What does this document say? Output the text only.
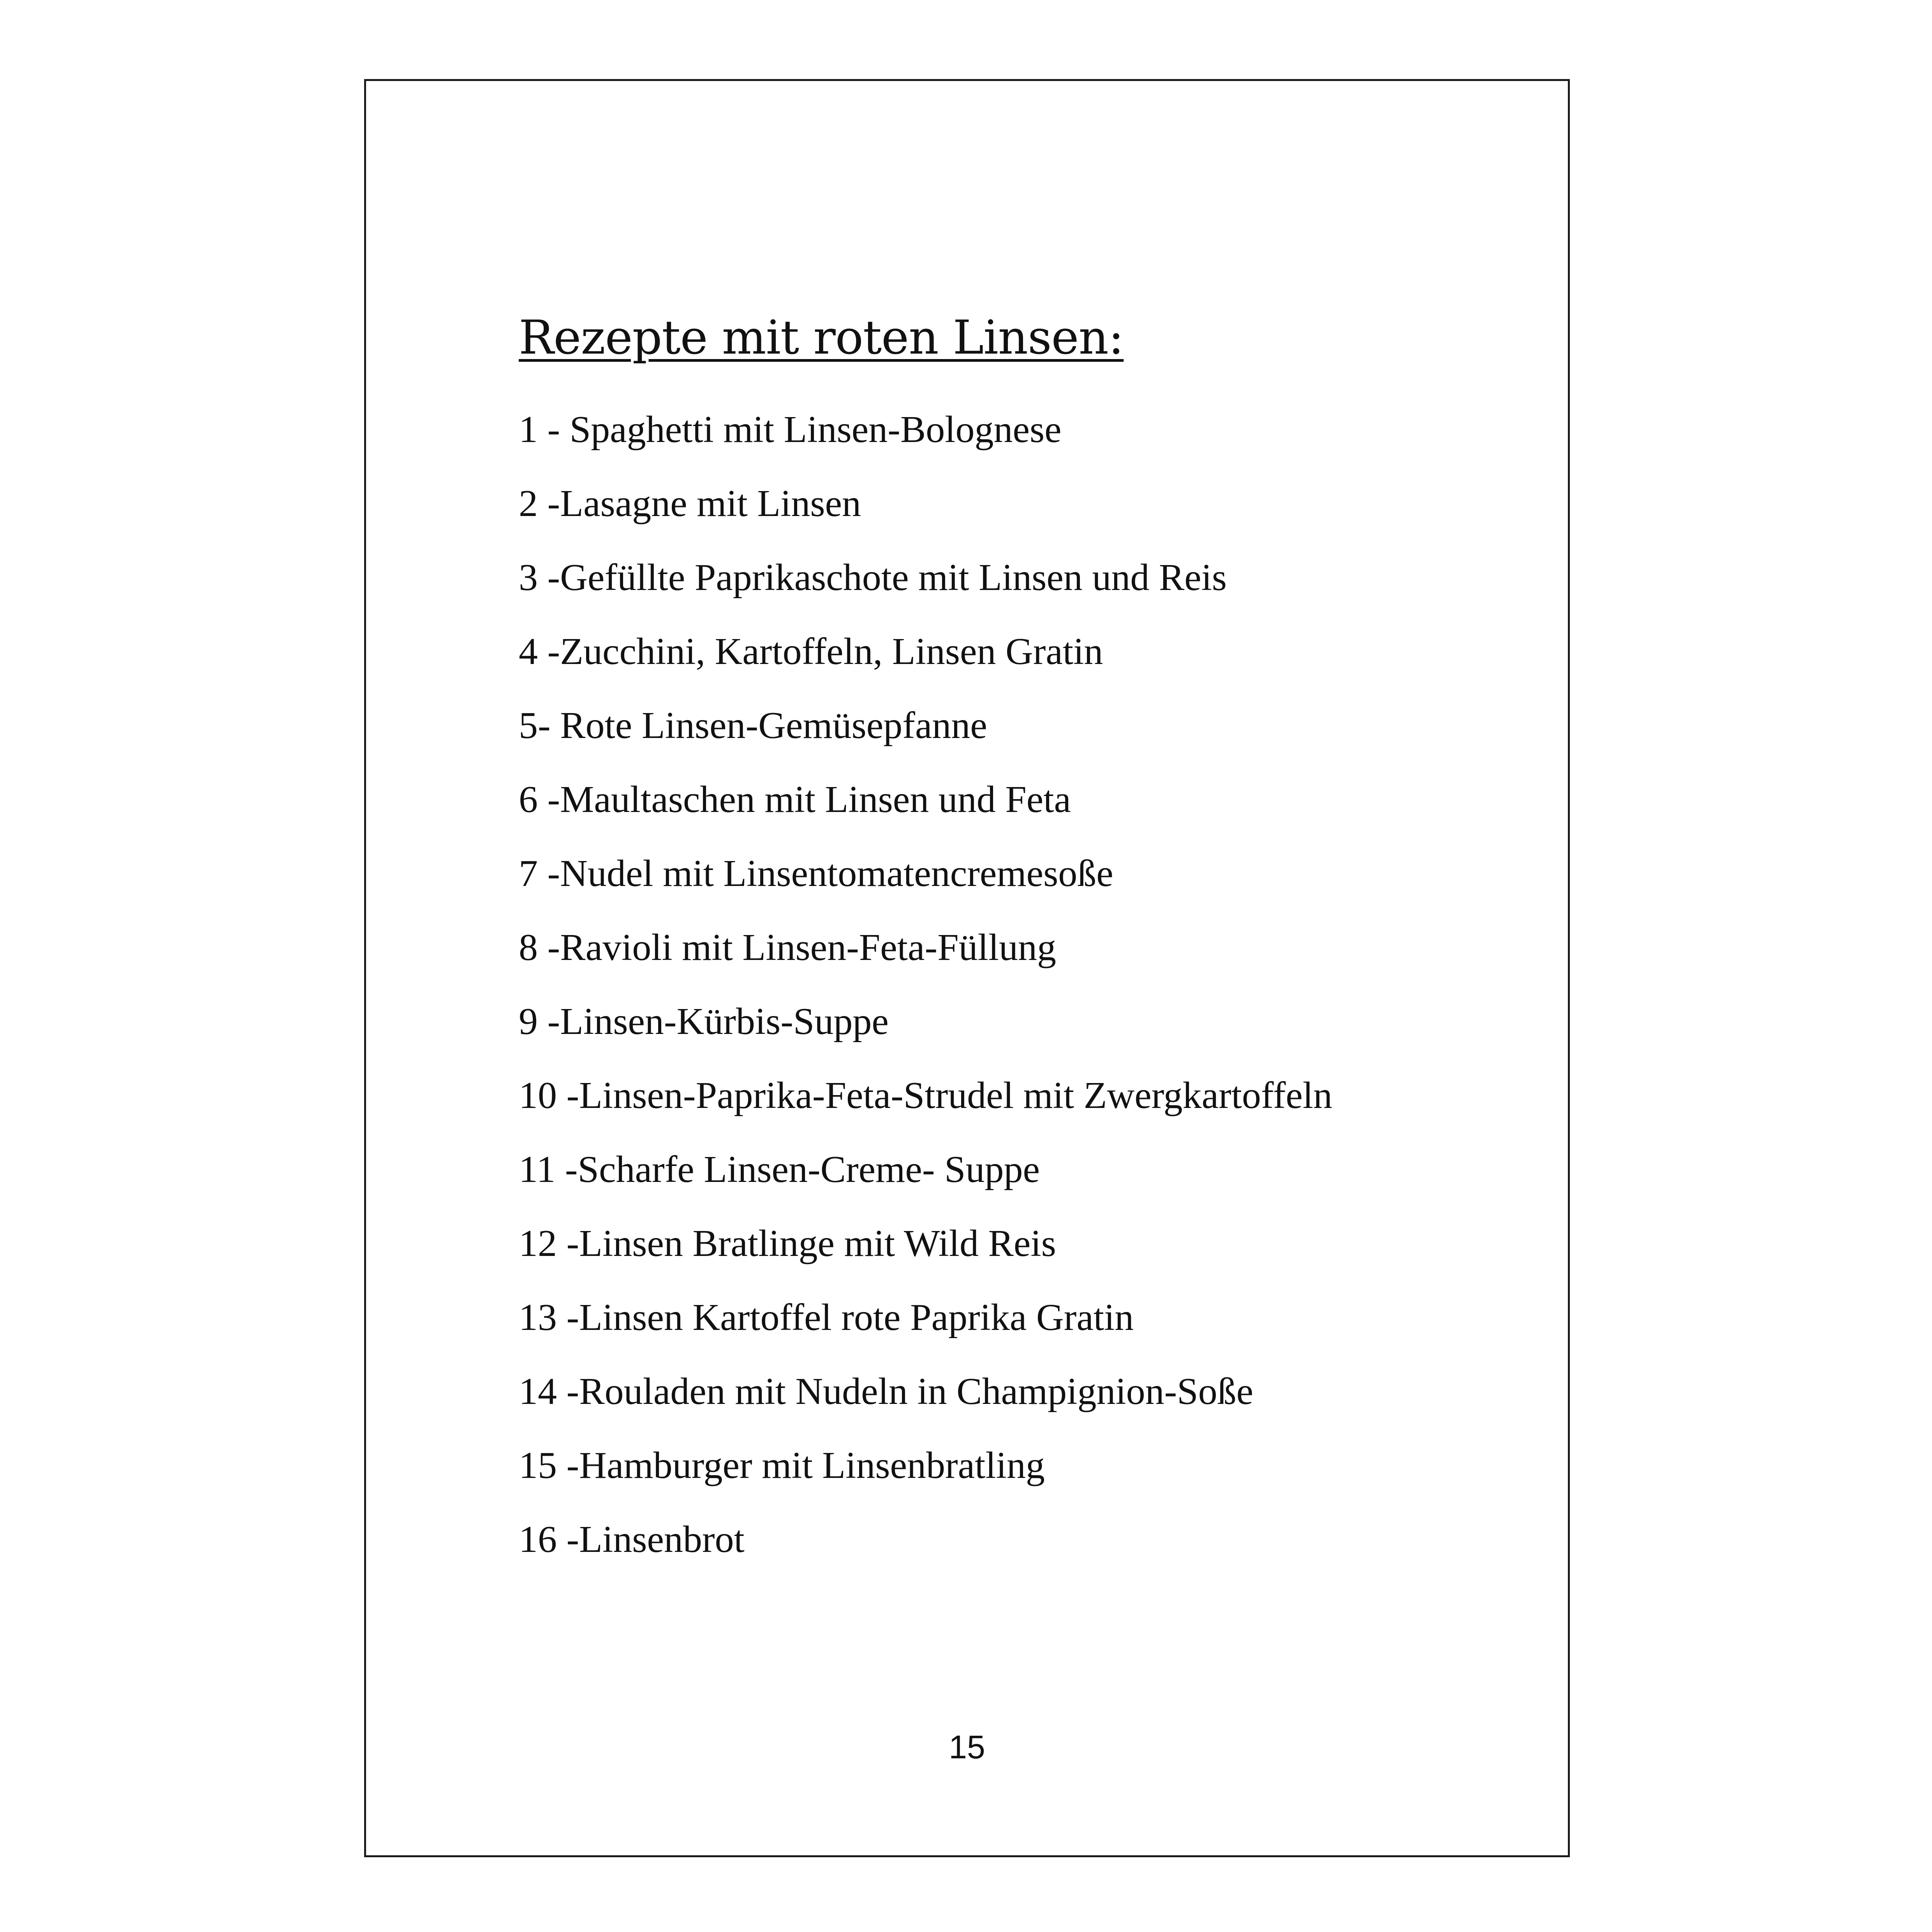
Rezepte mit roten Linsen:
1 - Spaghetti mit Linsen-Bolognese
2 -Lasagne mit Linsen
3 -Gefüllte Paprikaschote mit Linsen und Reis
4 -Zucchini, Kartoffeln, Linsen Gratin
5- Rote Linsen-Gemüsepfanne
6 -Maultaschen mit Linsen und Feta
7 -Nudel mit Linsentomatencremesoße
8 -Ravioli mit Linsen-Feta-Füllung
9 -Linsen-Kürbis-Suppe
10 -Linsen-Paprika-Feta-Strudel mit Zwergkartoffeln
11 -Scharfe Linsen-Creme- Suppe
12 -Linsen Bratlinge mit Wild Reis
13 -Linsen Kartoffel rote Paprika Gratin
14 -Rouladen mit Nudeln in Champignion-Soße
15 -Hamburger mit Linsenbratling
16 -Linsenbrot
15
